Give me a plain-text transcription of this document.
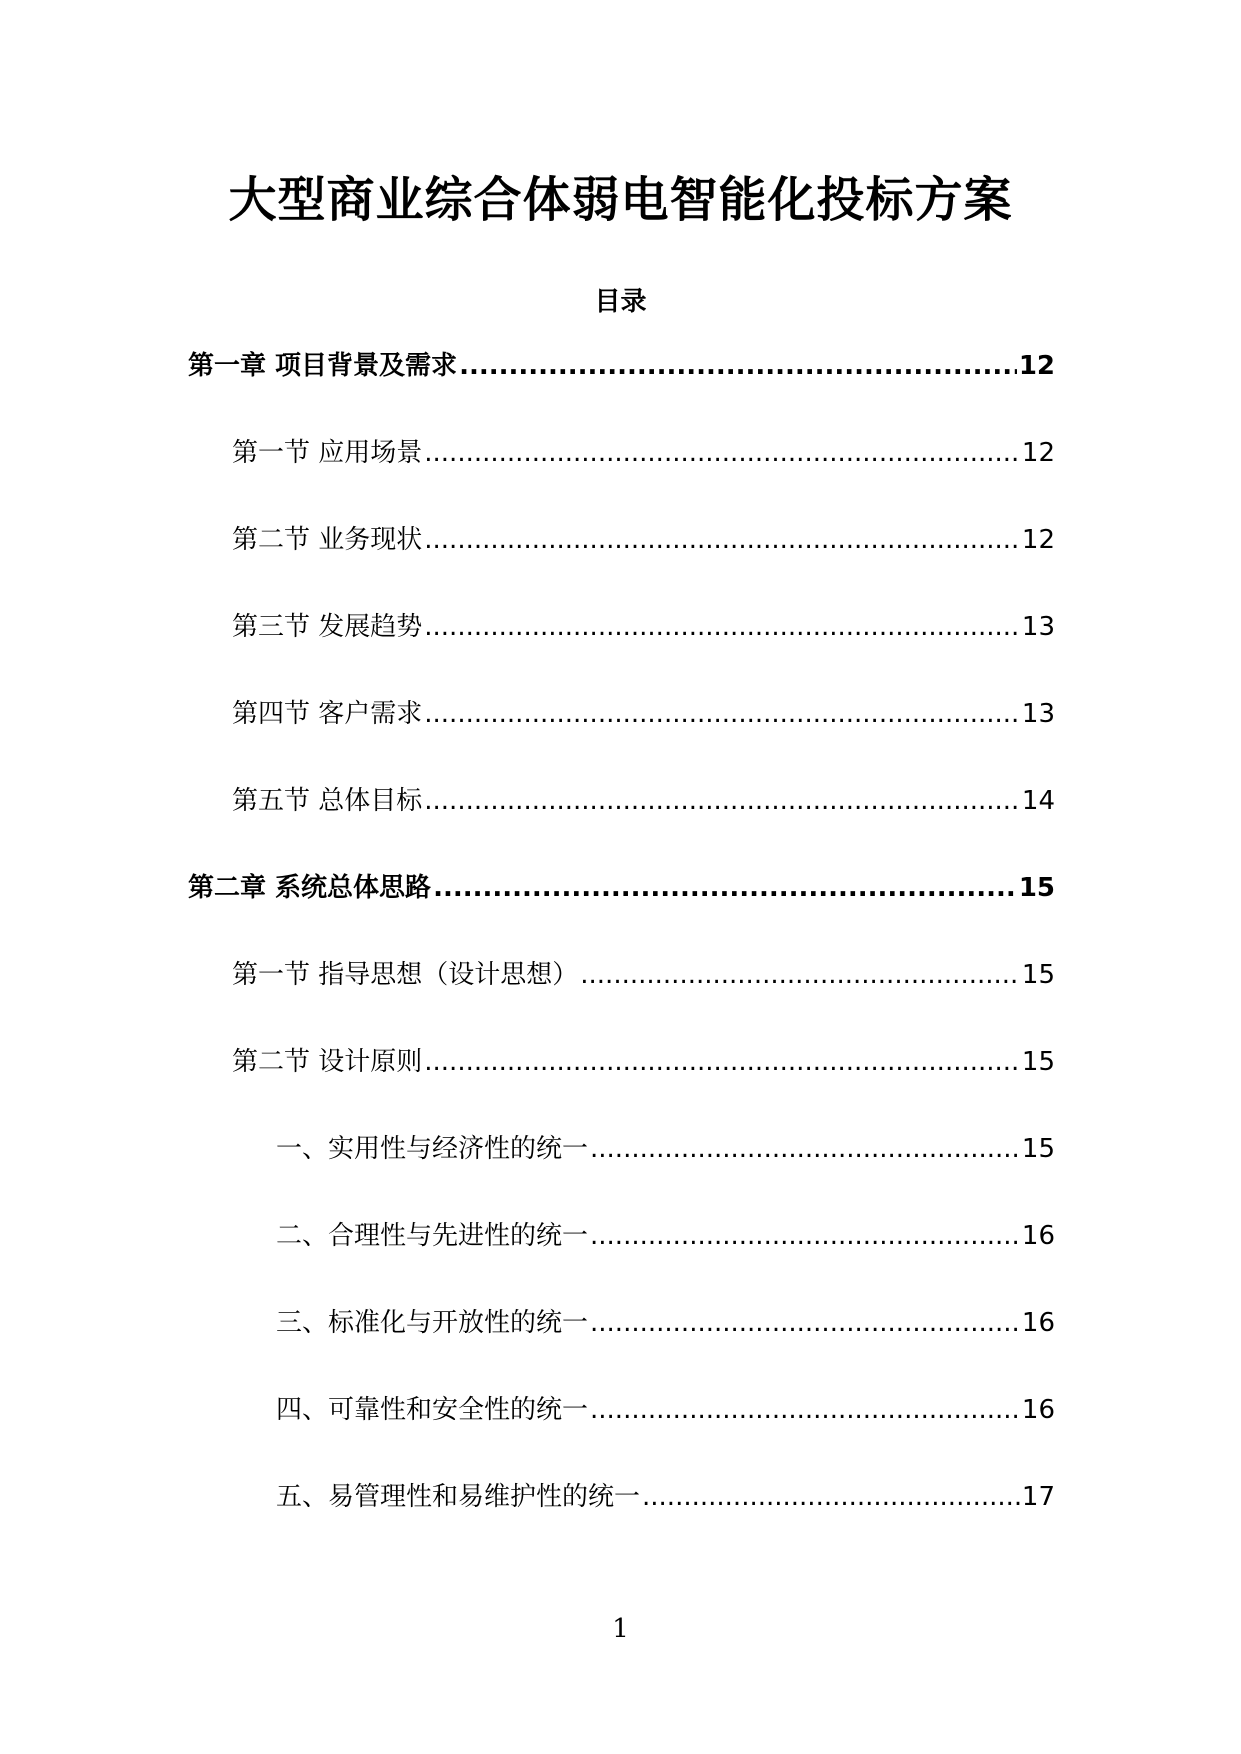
大型商业综合体弱电智能化投标方案
目录
第一章 项目背景及需求 .....	12
第一节 应用场景 .....	12
第二节 业务现状 .....	12
第三节 发展趋势 .....	13
第四节 客户需求 .....	13
第五节 总体目标 .....	14
第二章 系统总体思路 .....	15
第一节 指导思想（设计思想） .....	15
第二节 设计原则 .....	15
一、实用性与经济性的统一 .....	15
二、合理性与先进性的统一 .....	16
三、标准化与开放性的统一 .....	16
四、可靠性和安全性的统一 .....	16
五、易管理性和易维护性的统一 .....	17
1
